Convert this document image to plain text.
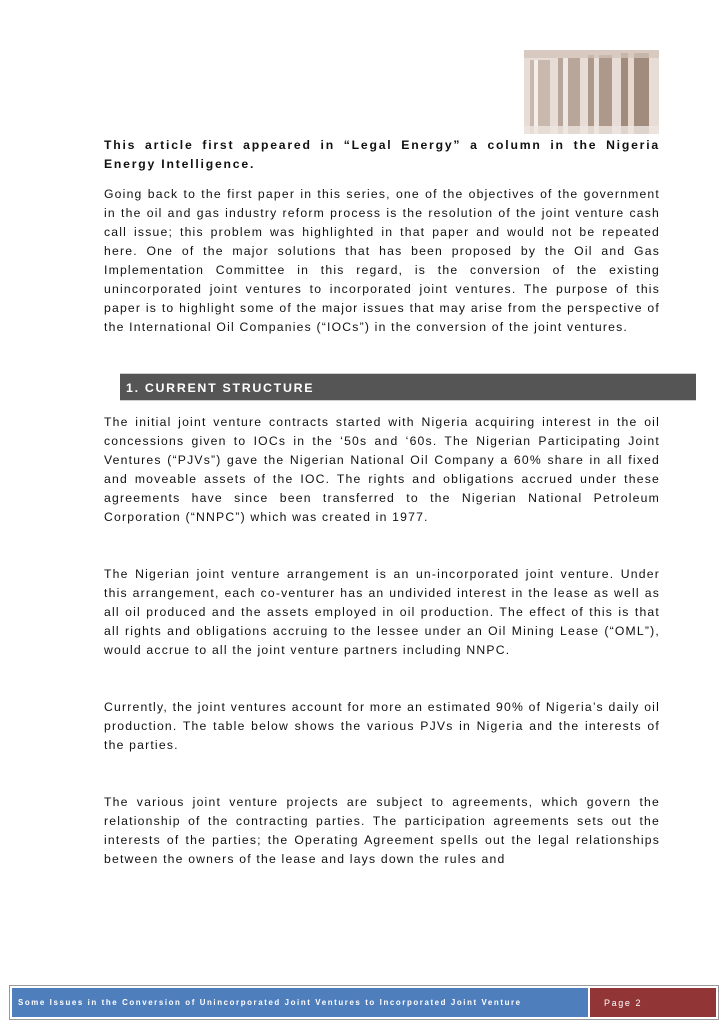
This article first appeared in “Legal Energy” a column in the Nigeria Energy Intelligence.

Going back to the first paper in this series, one of the objectives of the government in the oil and gas industry reform process is the resolution of the joint venture cash call issue; this problem was highlighted in that paper and would not be repeated here. One of the major solutions that has been proposed by the Oil and Gas Implementation Committee in this regard, is the conversion of the existing unincorporated joint ventures to incorporated joint ventures. The purpose of this paper is to highlight some of the major issues that may arise from the perspective of the International Oil Companies (“IOCs”) in the conversion of the joint ventures.

1. CURRENT STRUCTURE

The initial joint venture contracts started with Nigeria acquiring interest in the oil concessions given to IOCs in the ‘50s and ‘60s. The Nigerian Participating Joint Ventures (“PJVs”) gave the Nigerian National Oil Company a 60% share in all fixed and moveable assets of the IOC. The rights and obligations accrued under these agreements have since been transferred to the Nigerian National Petroleum Corporation (“NNPC”) which was created in 1977.

The Nigerian joint venture arrangement is an un-incorporated joint venture. Under this arrangement, each co-venturer has an undivided interest in the lease as well as all oil produced and the assets employed in oil production. The effect of this is that all rights and obligations accruing to the lessee under an Oil Mining Lease (“OML”), would accrue to all the joint venture partners including NNPC.

Currently, the joint ventures account for more an estimated 90% of Nigeria’s daily oil production. The table below shows the various PJVs in Nigeria and the interests of the parties.

The various joint venture projects are subject to agreements, which govern the relationship of the contracting parties. The participation agreements sets out the interests of the parties; the Operating Agreement spells out the legal relationships between the owners of the lease and lays down the rules and

Some Issues in the Conversion of Unincorporated Joint Ventures to Incorporated Joint Venture	Page 2
